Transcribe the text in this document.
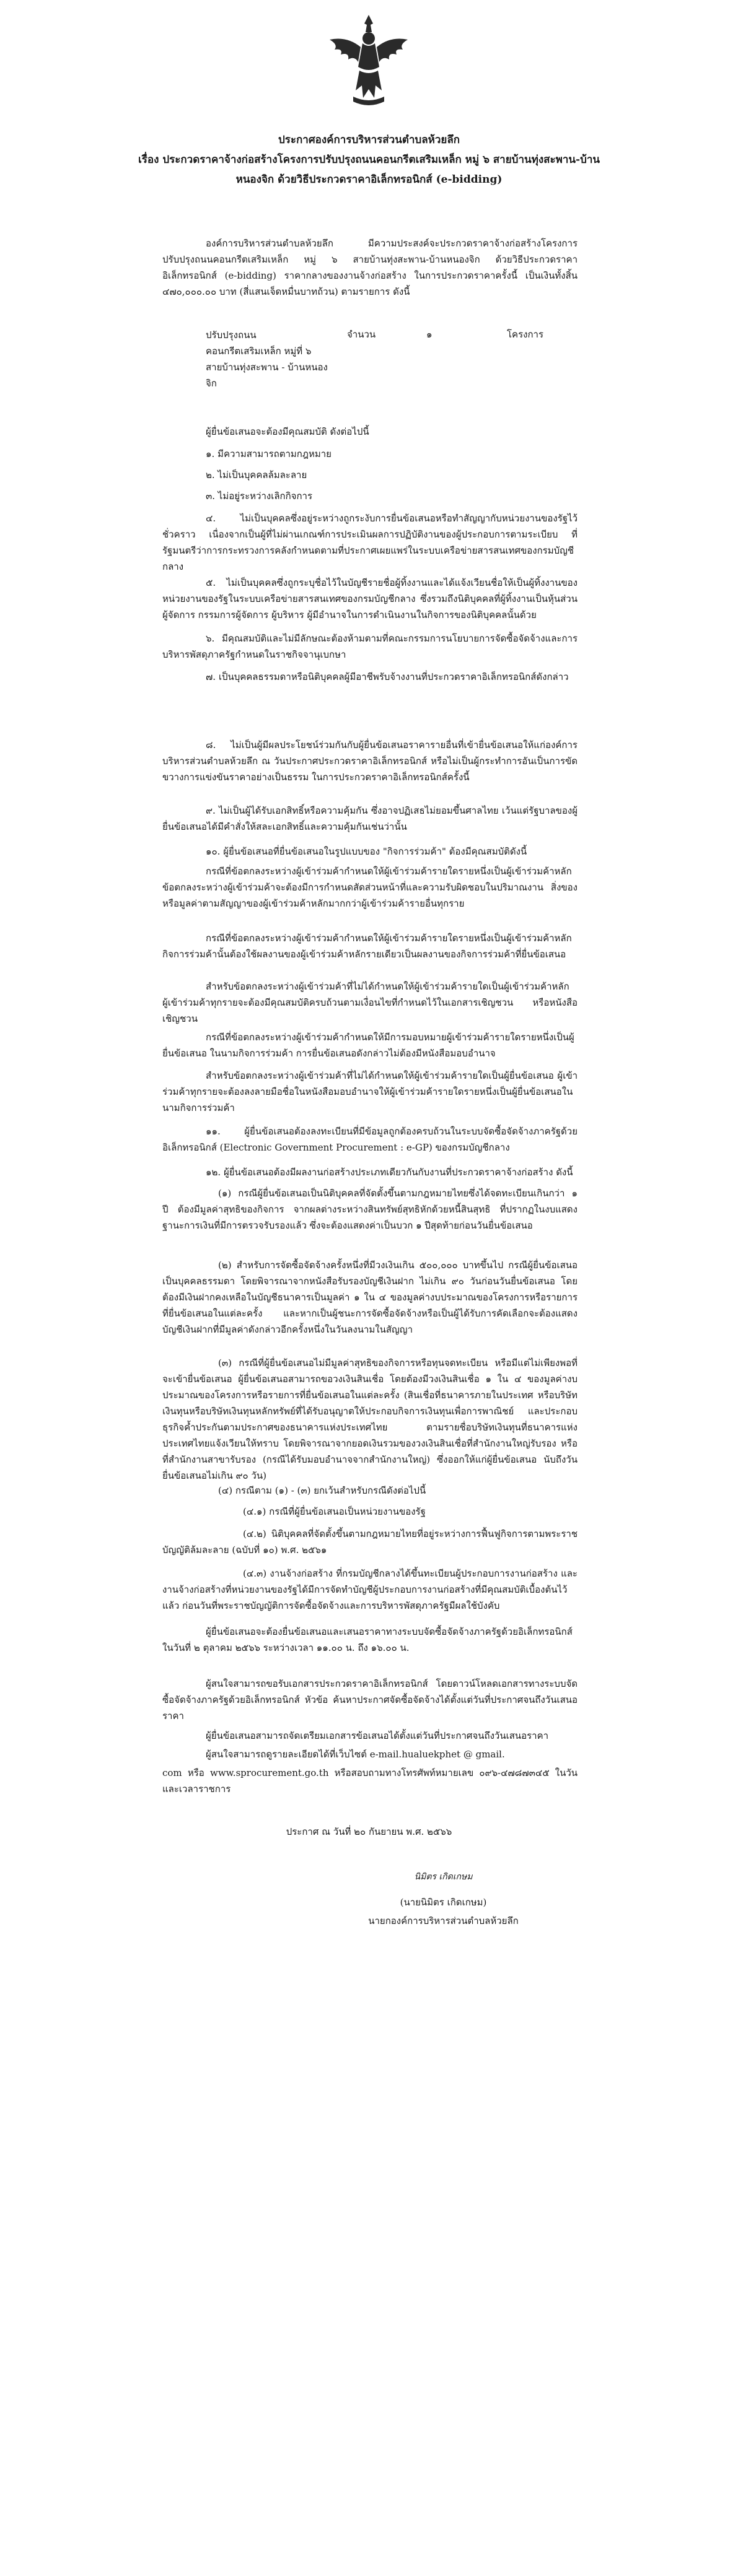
ประกาศองค์การบริหารส่วนตำบลห้วยลึก
เรื่อง ประกวดราคาจ้างก่อสร้างโครงการปรับปรุงถนนคอนกรีตเสริมเหล็ก หมู่ ๖ สายบ้านทุ่งสะพาน-บ้าน
หนองจิก ด้วยวิธีประกวดราคาอิเล็กทรอนิกส์ (e-bidding)
องค์การบริหารส่วนตำบลห้วยลึก มีความประสงค์จะประกวดราคาจ้างก่อสร้างโครงการปรับปรุงถนนคอนกรีตเสริมเหล็ก หมู่ ๖ สายบ้านทุ่งสะพาน-บ้านหนองจิก ด้วยวิธีประกวดราคาอิเล็กทรอนิกส์ (e-bidding) ราคากลางของงานจ้างก่อสร้าง ในการประกวดราคาครั้งนี้ เป็นเงินทั้งสิ้น ๔๗๐,๐๐๐.๐๐ บาท (สี่แสนเจ็ดหมื่นบาทถ้วน) ตามรายการ ดังนี้
ปรับปรุงถนน
คอนกรีตเสริมเหล็ก หมู่ที่ ๖
สายบ้านทุ่งสะพาน - บ้านหนอง
จิก
จำนวน	๑	โครงการ
ผู้ยื่นข้อเสนอจะต้องมีคุณสมบัติ ดังต่อไปนี้
๑. มีความสามารถตามกฎหมาย
๒. ไม่เป็นบุคคลล้มละลาย
๓. ไม่อยู่ระหว่างเลิกกิจการ
๔. ไม่เป็นบุคคลซึ่งอยู่ระหว่างถูกระงับการยื่นข้อเสนอหรือทำสัญญากับหน่วยงานของรัฐไว้ชั่วคราว เนื่องจากเป็นผู้ที่ไม่ผ่านเกณฑ์การประเมินผลการปฏิบัติงานของผู้ประกอบการตามระเบียบ ที่รัฐมนตรีว่าการกระทรวงการคลังกำหนดตามที่ประกาศเผยแพร่ในระบบเครือข่ายสารสนเทศของกรมบัญชีกลาง
๕. ไม่เป็นบุคคลซึ่งถูกระบุชื่อไว้ในบัญชีรายชื่อผู้ทิ้งงานและได้แจ้งเวียนชื่อให้เป็นผู้ทิ้งงานของหน่วยงานของรัฐในระบบเครือข่ายสารสนเทศของกรมบัญชีกลาง ซึ่งรวมถึงนิติบุคคลที่ผู้ทิ้งงานเป็นหุ้นส่วนผู้จัดการ กรรมการผู้จัดการ ผู้บริหาร ผู้มีอำนาจในการดำเนินงานในกิจการของนิติบุคคลนั้นด้วย
๖. มีคุณสมบัติและไม่มีลักษณะต้องห้ามตามที่คณะกรรมการนโยบายการจัดซื้อจัดจ้างและการบริหารพัสดุภาครัฐกำหนดในราชกิจจานุเบกษา
๗. เป็นบุคคลธรรมดาหรือนิติบุคคลผู้มีอาชีพรับจ้างงานที่ประกวดราคาอิเล็กทรอนิกส์ดังกล่าว
๘. ไม่เป็นผู้มีผลประโยชน์ร่วมกันกับผู้ยื่นข้อเสนอราคารายอื่นที่เข้ายื่นข้อเสนอให้แก่องค์การบริหารส่วนตำบลห้วยลึก ณ วันประกาศประกวดราคาอิเล็กทรอนิกส์ หรือไม่เป็นผู้กระทำการอันเป็นการขัดขวางการแข่งขันราคาอย่างเป็นธรรม ในการประกวดราคาอิเล็กทรอนิกส์ครั้งนี้
๙. ไม่เป็นผู้ได้รับเอกสิทธิ์หรือความคุ้มกัน ซึ่งอาจปฏิเสธไม่ยอมขึ้นศาลไทย เว้นแต่รัฐบาลของผู้ยื่นข้อเสนอได้มีคำสั่งให้สละเอกสิทธิ์และความคุ้มกันเช่นว่านั้น
๑๐. ผู้ยื่นข้อเสนอที่ยื่นข้อเสนอในรูปแบบของ "กิจการร่วมค้า" ต้องมีคุณสมบัติดังนี้
กรณีที่ข้อตกลงระหว่างผู้เข้าร่วมค้ากำหนดให้ผู้เข้าร่วมค้ารายใดรายหนึ่งเป็นผู้เข้าร่วมค้าหลัก ข้อตกลงระหว่างผู้เข้าร่วมค้าจะต้องมีการกำหนดสัดส่วนหน้าที่และความรับผิดชอบในปริมาณงาน สิ่งของ หรือมูลค่าตามสัญญาของผู้เข้าร่วมค้าหลักมากกว่าผู้เข้าร่วมค้ารายอื่นทุกราย
กรณีที่ข้อตกลงระหว่างผู้เข้าร่วมค้ากำหนดให้ผู้เข้าร่วมค้ารายใดรายหนึ่งเป็นผู้เข้าร่วมค้าหลัก กิจการร่วมค้านั้นต้องใช้ผลงานของผู้เข้าร่วมค้าหลักรายเดียวเป็นผลงานของกิจการร่วมค้าที่ยื่นข้อเสนอ
สำหรับข้อตกลงระหว่างผู้เข้าร่วมค้าที่ไม่ได้กำหนดให้ผู้เข้าร่วมค้ารายใดเป็นผู้เข้าร่วมค้าหลัก ผู้เข้าร่วมค้าทุกรายจะต้องมีคุณสมบัติครบถ้วนตามเงื่อนไขที่กำหนดไว้ในเอกสารเชิญชวน หรือหนังสือเชิญชวน
กรณีที่ข้อตกลงระหว่างผู้เข้าร่วมค้ากำหนดให้มีการมอบหมายผู้เข้าร่วมค้ารายใดรายหนึ่งเป็นผู้ยื่นข้อเสนอ ในนามกิจการร่วมค้า การยื่นข้อเสนอดังกล่าวไม่ต้องมีหนังสือมอบอำนาจ
สำหรับข้อตกลงระหว่างผู้เข้าร่วมค้าที่ไม่ได้กำหนดให้ผู้เข้าร่วมค้ารายใดเป็นผู้ยื่นข้อเสนอ ผู้เข้าร่วมค้าทุกรายจะต้องลงลายมือชื่อในหนังสือมอบอำนาจให้ผู้เข้าร่วมค้ารายใดรายหนึ่งเป็นผู้ยื่นข้อเสนอในนามกิจการร่วมค้า
๑๑. ผู้ยื่นข้อเสนอต้องลงทะเบียนที่มีข้อมูลถูกต้องครบถ้วนในระบบจัดซื้อจัดจ้างภาครัฐด้วยอิเล็กทรอนิกส์ (Electronic Government Procurement : e-GP) ของกรมบัญชีกลาง
๑๒. ผู้ยื่นข้อเสนอต้องมีผลงานก่อสร้างประเภทเดียวกันกับงานที่ประกวดราคาจ้างก่อสร้าง ดังนี้
(๑) กรณีผู้ยื่นข้อเสนอเป็นนิติบุคคลที่จัดตั้งขึ้นตามกฎหมายไทยซึ่งได้จดทะเบียนเกินกว่า ๑ ปี ต้องมีมูลค่าสุทธิของกิจการ จากผลต่างระหว่างสินทรัพย์สุทธิหักด้วยหนี้สินสุทธิ ที่ปรากฏในงบแสดงฐานะการเงินที่มีการตรวจรับรองแล้ว ซึ่งจะต้องแสดงค่าเป็นบวก ๑ ปีสุดท้ายก่อนวันยื่นข้อเสนอ
(๒) สำหรับการจัดซื้อจัดจ้างครั้งหนึ่งที่มีวงเงินเกิน ๕๐๐,๐๐๐ บาทขึ้นไป กรณีผู้ยื่นข้อเสนอเป็นบุคคลธรรมดา โดยพิจารณาจากหนังสือรับรองบัญชีเงินฝาก ไม่เกิน ๙๐ วันก่อนวันยื่นข้อเสนอ โดยต้องมีเงินฝากคงเหลือในบัญชีธนาคารเป็นมูลค่า ๑ ใน ๔ ของมูลค่างบประมาณของโครงการหรือรายการที่ยื่นข้อเสนอในแต่ละครั้ง และหากเป็นผู้ชนะการจัดซื้อจัดจ้างหรือเป็นผู้ได้รับการคัดเลือกจะต้องแสดงบัญชีเงินฝากที่มีมูลค่าดังกล่าวอีกครั้งหนึ่งในวันลงนามในสัญญา
(๓) กรณีที่ผู้ยื่นข้อเสนอไม่มีมูลค่าสุทธิของกิจการหรือทุนจดทะเบียน หรือมีแต่ไม่เพียงพอที่จะเข้ายื่นข้อเสนอ ผู้ยื่นข้อเสนอสามารถขอวงเงินสินเชื่อ โดยต้องมีวงเงินสินเชื่อ ๑ ใน ๔ ของมูลค่างบประมาณของโครงการหรือรายการที่ยื่นข้อเสนอในแต่ละครั้ง (สินเชื่อที่ธนาคารภายในประเทศ หรือบริษัทเงินทุนหรือบริษัทเงินทุนหลักทรัพย์ที่ได้รับอนุญาตให้ประกอบกิจการเงินทุนเพื่อการพาณิชย์ และประกอบธุรกิจค้ำประกันตามประกาศของธนาคารแห่งประเทศไทย ตามรายชื่อบริษัทเงินทุนที่ธนาคารแห่งประเทศไทยแจ้งเวียนให้ทราบ โดยพิจารณาจากยอดเงินรวมของวงเงินสินเชื่อที่สำนักงานใหญ่รับรอง หรือที่สำนักงานสาขารับรอง (กรณีได้รับมอบอำนาจจากสำนักงานใหญ่) ซึ่งออกให้แก่ผู้ยื่นข้อเสนอ นับถึงวันยื่นข้อเสนอไม่เกิน ๙๐ วัน)
(๔) กรณีตาม (๑) - (๓) ยกเว้นสำหรับกรณีดังต่อไปนี้
(๔.๑) กรณีที่ผู้ยื่นข้อเสนอเป็นหน่วยงานของรัฐ
(๔.๒) นิติบุคคลที่จัดตั้งขึ้นตามกฎหมายไทยที่อยู่ระหว่างการฟื้นฟูกิจการตามพระราชบัญญัติล้มละลาย (ฉบับที่ ๑๐) พ.ศ. ๒๕๖๑
(๔.๓) งานจ้างก่อสร้าง ที่กรมบัญชีกลางได้ขึ้นทะเบียนผู้ประกอบการงานก่อสร้าง และงานจ้างก่อสร้างที่หน่วยงานของรัฐได้มีการจัดทำบัญชีผู้ประกอบการงานก่อสร้างที่มีคุณสมบัติเบื้องต้นไว้แล้ว ก่อนวันที่พระราชบัญญัติการจัดซื้อจัดจ้างและการบริหารพัสดุภาครัฐมีผลใช้บังคับ
ผู้ยื่นข้อเสนอจะต้องยื่นข้อเสนอและเสนอราคาทางระบบจัดซื้อจัดจ้างภาครัฐด้วยอิเล็กทรอนิกส์ ในวันที่ ๒ ตุลาคม ๒๕๖๖ ระหว่างเวลา ๑๑.๐๐ น. ถึง ๑๖.๐๐ น.
ผู้สนใจสามารถขอรับเอกสารประกวดราคาอิเล็กทรอนิกส์ โดยดาวน์โหลดเอกสารทางระบบจัดซื้อจัดจ้างภาครัฐด้วยอิเล็กทรอนิกส์ หัวข้อ ค้นหาประกาศจัดซื้อจัดจ้างได้ตั้งแต่วันที่ประกาศจนถึงวันเสนอราคา
ผู้ยื่นข้อเสนอสามารถจัดเตรียมเอกสารข้อเสนอได้ตั้งแต่วันที่ประกาศจนถึงวันเสนอราคา
ผู้สนใจสามารถดูรายละเอียดได้ที่เว็บไซต์ e-mail.hualuekphet @ gmail.
com หรือ www.sprocurement.go.th หรือสอบถามทางโทรศัพท์หมายเลข ๐๙๖-๔๗๘๗๓๔๕ ในวันและเวลาราชการ
ประกาศ ณ วันที่ ๒๐ กันยายน พ.ศ. ๒๕๖๖
นิมิตร เกิดเกษม
(นายนิมิตร เกิดเกษม)
นายกองค์การบริหารส่วนตำบลห้วยลึก
